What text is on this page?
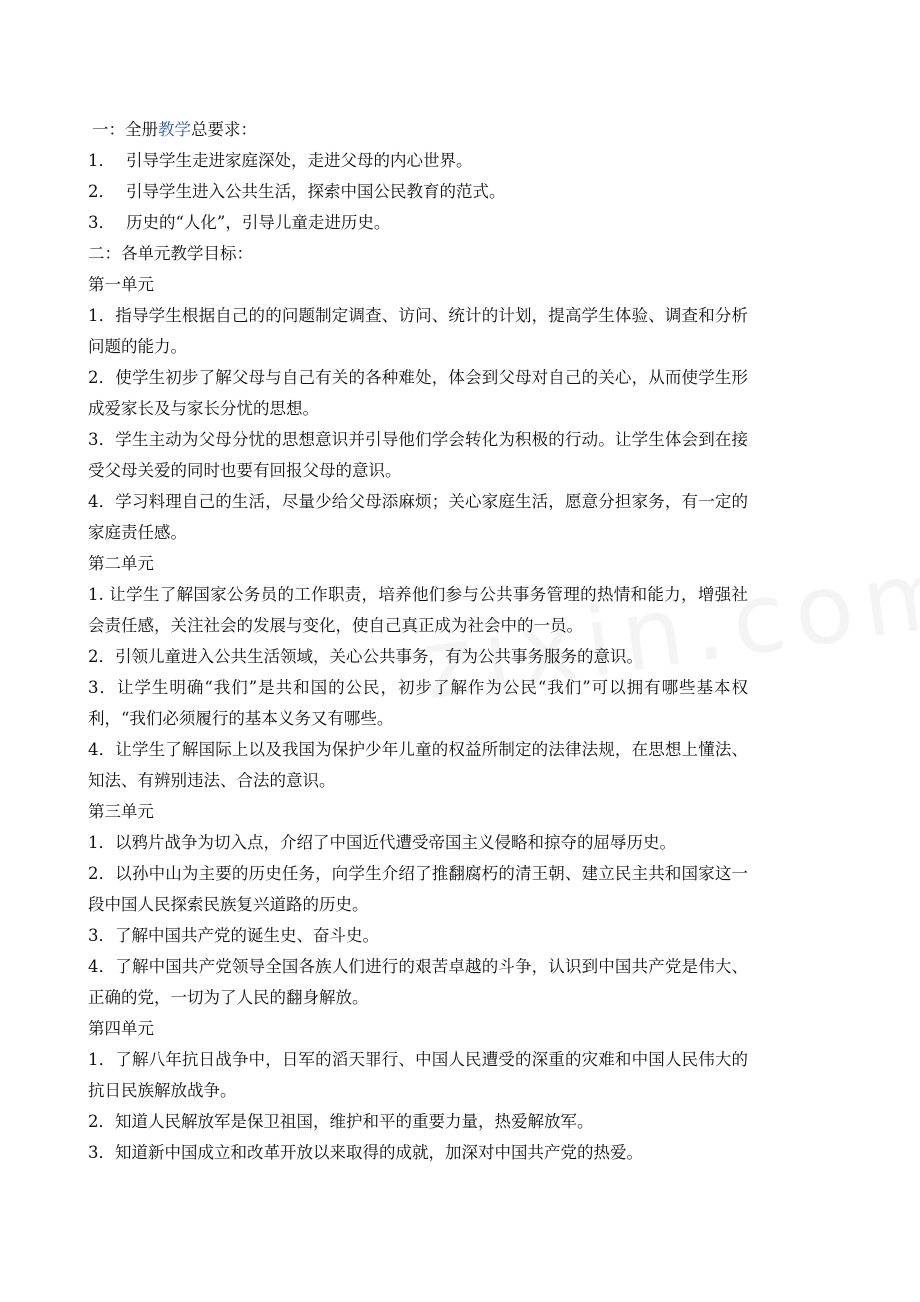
一：全册教学总要求：
1． 引导学生走进家庭深处，走进父母的内心世界。
2． 引导学生进入公共生活，探索中国公民教育的范式。
3． 历史的“人化”，引导儿童走进历史。
二：各单元教学目标：
第一单元
1．指导学生根据自己的的问题制定调查、访问、统计的计划，提高学生体验、调查和分析问题的能力。
2．使学生初步了解父母与自己有关的各种难处，体会到父母对自己的关心，从而使学生形成爱家长及与家长分忧的思想。
3．学生主动为父母分忧的思想意识并引导他们学会转化为积极的行动。让学生体会到在接受父母关爱的同时也要有回报父母的意识。
4．学习料理自己的生活，尽量少给父母添麻烦；关心家庭生活，愿意分担家务，有一定的家庭责任感。
第二单元
1. 让学生了解国家公务员的工作职责，培养他们参与公共事务管理的热情和能力，增强社会责任感，关注社会的发展与变化，使自己真正成为社会中的一员。
2．引领儿童进入公共生活领域，关心公共事务，有为公共事务服务的意识。
3．让学生明确“我们”是共和国的公民，初步了解作为公民“我们”可以拥有哪些基本权利，“我们必须履行的基本义务又有哪些。
4．让学生了解国际上以及我国为保护少年儿童的权益所制定的法律法规，在思想上懂法、知法、有辨别违法、合法的意识。
第三单元
1．以鸦片战争为切入点，介绍了中国近代遭受帝国主义侵略和掠夺的屈辱历史。
2．以孙中山为主要的历史任务，向学生介绍了推翻腐朽的清王朝、建立民主共和国家这一段中国人民探索民族复兴道路的历史。
3．了解中国共产党的诞生史、奋斗史。
4．了解中国共产党领导全国各族人们进行的艰苦卓越的斗争，认识到中国共产党是伟大、正确的党，一切为了人民的翻身解放。
第四单元
1．了解八年抗日战争中，日军的滔天罪行、中国人民遭受的深重的灾难和中国人民伟大的抗日民族解放战争。
2．知道人民解放军是保卫祖国，维护和平的重要力量，热爱解放军。
3．知道新中国成立和改革开放以来取得的成就，加深对中国共产党的热爱。
